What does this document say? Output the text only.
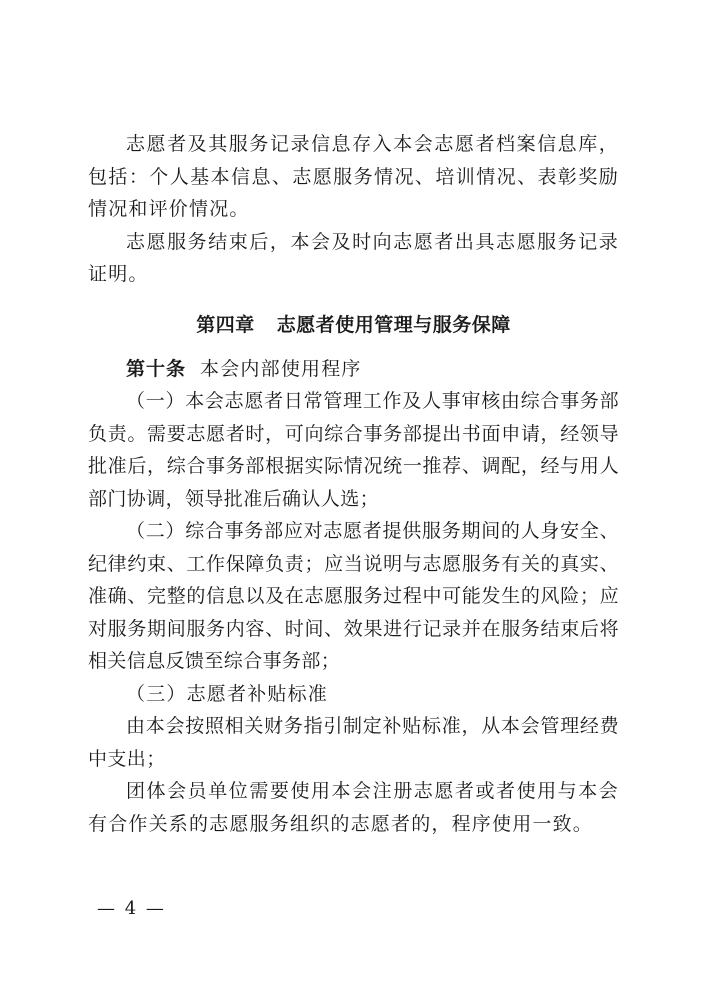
志愿者及其服务记录信息存入本会志愿者档案信息库，包括：个人基本信息、志愿服务情况、培训情况、表彰奖励情况和评价情况。

志愿服务结束后，本会及时向志愿者出具志愿服务记录证明。

第四章 志愿者使用管理与服务保障

第十条 本会内部使用程序

（一）本会志愿者日常管理工作及人事审核由综合事务部负责。需要志愿者时，可向综合事务部提出书面申请，经领导批准后，综合事务部根据实际情况统一推荐、调配，经与用人部门协调，领导批准后确认人选；

（二）综合事务部应对志愿者提供服务期间的人身安全、纪律约束、工作保障负责；应当说明与志愿服务有关的真实、准确、完整的信息以及在志愿服务过程中可能发生的风险；应对服务期间服务内容、时间、效果进行记录并在服务结束后将相关信息反馈至综合事务部；

（三）志愿者补贴标准

由本会按照相关财务指引制定补贴标准，从本会管理经费中支出；

团体会员单位需要使用本会注册志愿者或者使用与本会有合作关系的志愿服务组织的志愿者的，程序使用一致。

— 4 —
